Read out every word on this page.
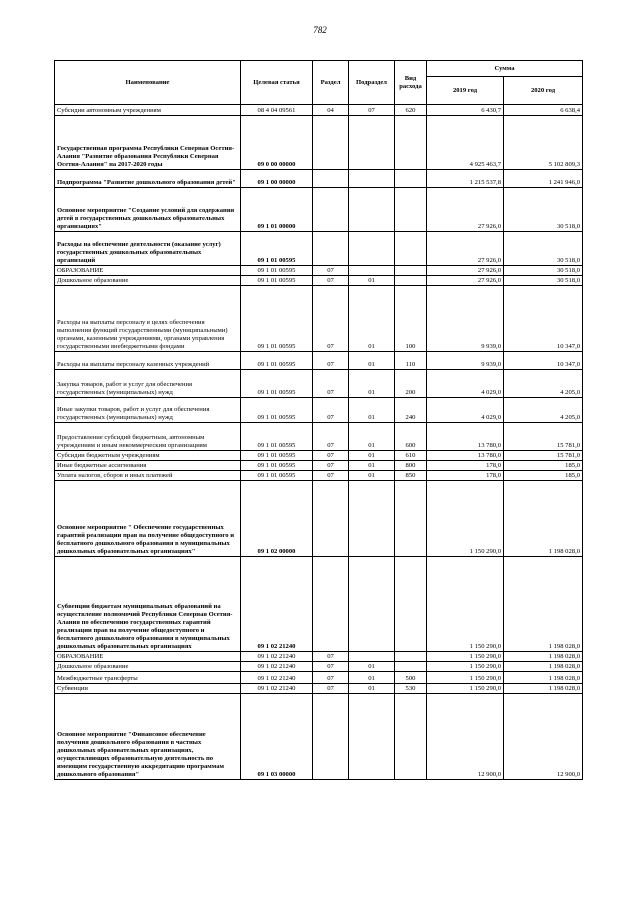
782
Наименование	Целевая статья	Раздел	Подраздел	Вид расхода	Сумма	
					2019 год	2020 год
Субсидии автономным учреждениям	08 4 04 09561	04	07	620	6 430,7	6 638,4
Государственная программа Республики Северная Осетия-Алания "Развитие образования Республики Северная Осетия-Алания" на 2017-2020 годы	09 0 00 00000				4 925 463,7	5 102 809,3
Подпрограмма "Развитие дошкольного образования детей"	09 1 00 00000				1 215 537,8	1 241 946,0
Основное мероприятие "Создание условий для содержания детей в государственных дошкольных образовательных организациях"	09 1 01 00000				27 926,0	30 518,0
Расходы на обеспечение деятельности (оказание услуг) государственных дошкольных образовательных организаций	09 1 01 00595				27 926,0	30 518,0
ОБРАЗОВАНИЕ	09 1 01 00595	07			27 926,0	30 518,0
Дошкольное образование	09 1 01 00595	07	01		27 926,0	30 518,0
Расходы на выплаты персоналу в целях обеспечения выполнения функций государственными (муниципальными) органами, казенными учреждениями, органами управления государственными внебюджетными фондами	09 1 01 00595	07	01	100	9 939,0	10 347,0
Расходы на выплаты персоналу казенных учреждений	09 1 01 00595	07	01	110	9 939,0	10 347,0
Закупка товаров, работ и услуг для обеспечения государственных (муниципальных) нужд	09 1 01 00595	07	01	200	4 029,0	4 205,0
Иные закупки товаров, работ и услуг для обеспечения государственных (муниципальных) нужд	09 1 01 00595	07	01	240	4 029,0	4 205,0
Предоставление субсидий бюджетным, автономным учреждениям и иным некоммерческим организациям	09 1 01 00595	07	01	600	13 780,0	15 781,0
Субсидии бюджетным учреждениям	09 1 01 00595	07	01	610	13 780,0	15 781,0
Иные бюджетные ассигнования	09 1 01 00595	07	01	800	178,0	185,0
Уплата налогов, сборов и иных платежей	09 1 01 00595	07	01	850	178,0	185,0
Основное мероприятие " Обеспечение государственных гарантий реализации прав на получение общедоступного и бесплатного дошкольного образования в муниципальных дошкольных образовательных организациях"	09 1 02 00000				1 150 290,0	1 198 028,0
Субвенции бюджетам муниципальных образований на осуществление полномочий Республики Северная Осетия-Алания по обеспечению государственных гарантий реализации прав на получение общедоступного и бесплатного дошкольного образования в муниципальных дошкольных образовательных организациях	09 1 02 21240				1 150 290,0	1 198 028,0
ОБРАЗОВАНИЕ	09 1 02 21240	07			1 150 290,0	1 198 028,0
Дошкольное образование	09 1 02 21240	07	01		1 150 290,0	1 198 028,0
Межбюджетные трансферты	09 1 02 21240	07	01	500	1 150 290,0	1 198 028,0
Субвенции	09 1 02 21240	07	01	530	1 150 290,0	1 198 028,0
Основное мероприятие "Финансовое обеспечение получения дошкольного образования в частных дошкольных образовательных организациях, осуществляющих образовательную деятельность по имеющим государственную аккредитацию программам дошкольного образования"	09 1 03 00000				12 900,0	12 900,0
